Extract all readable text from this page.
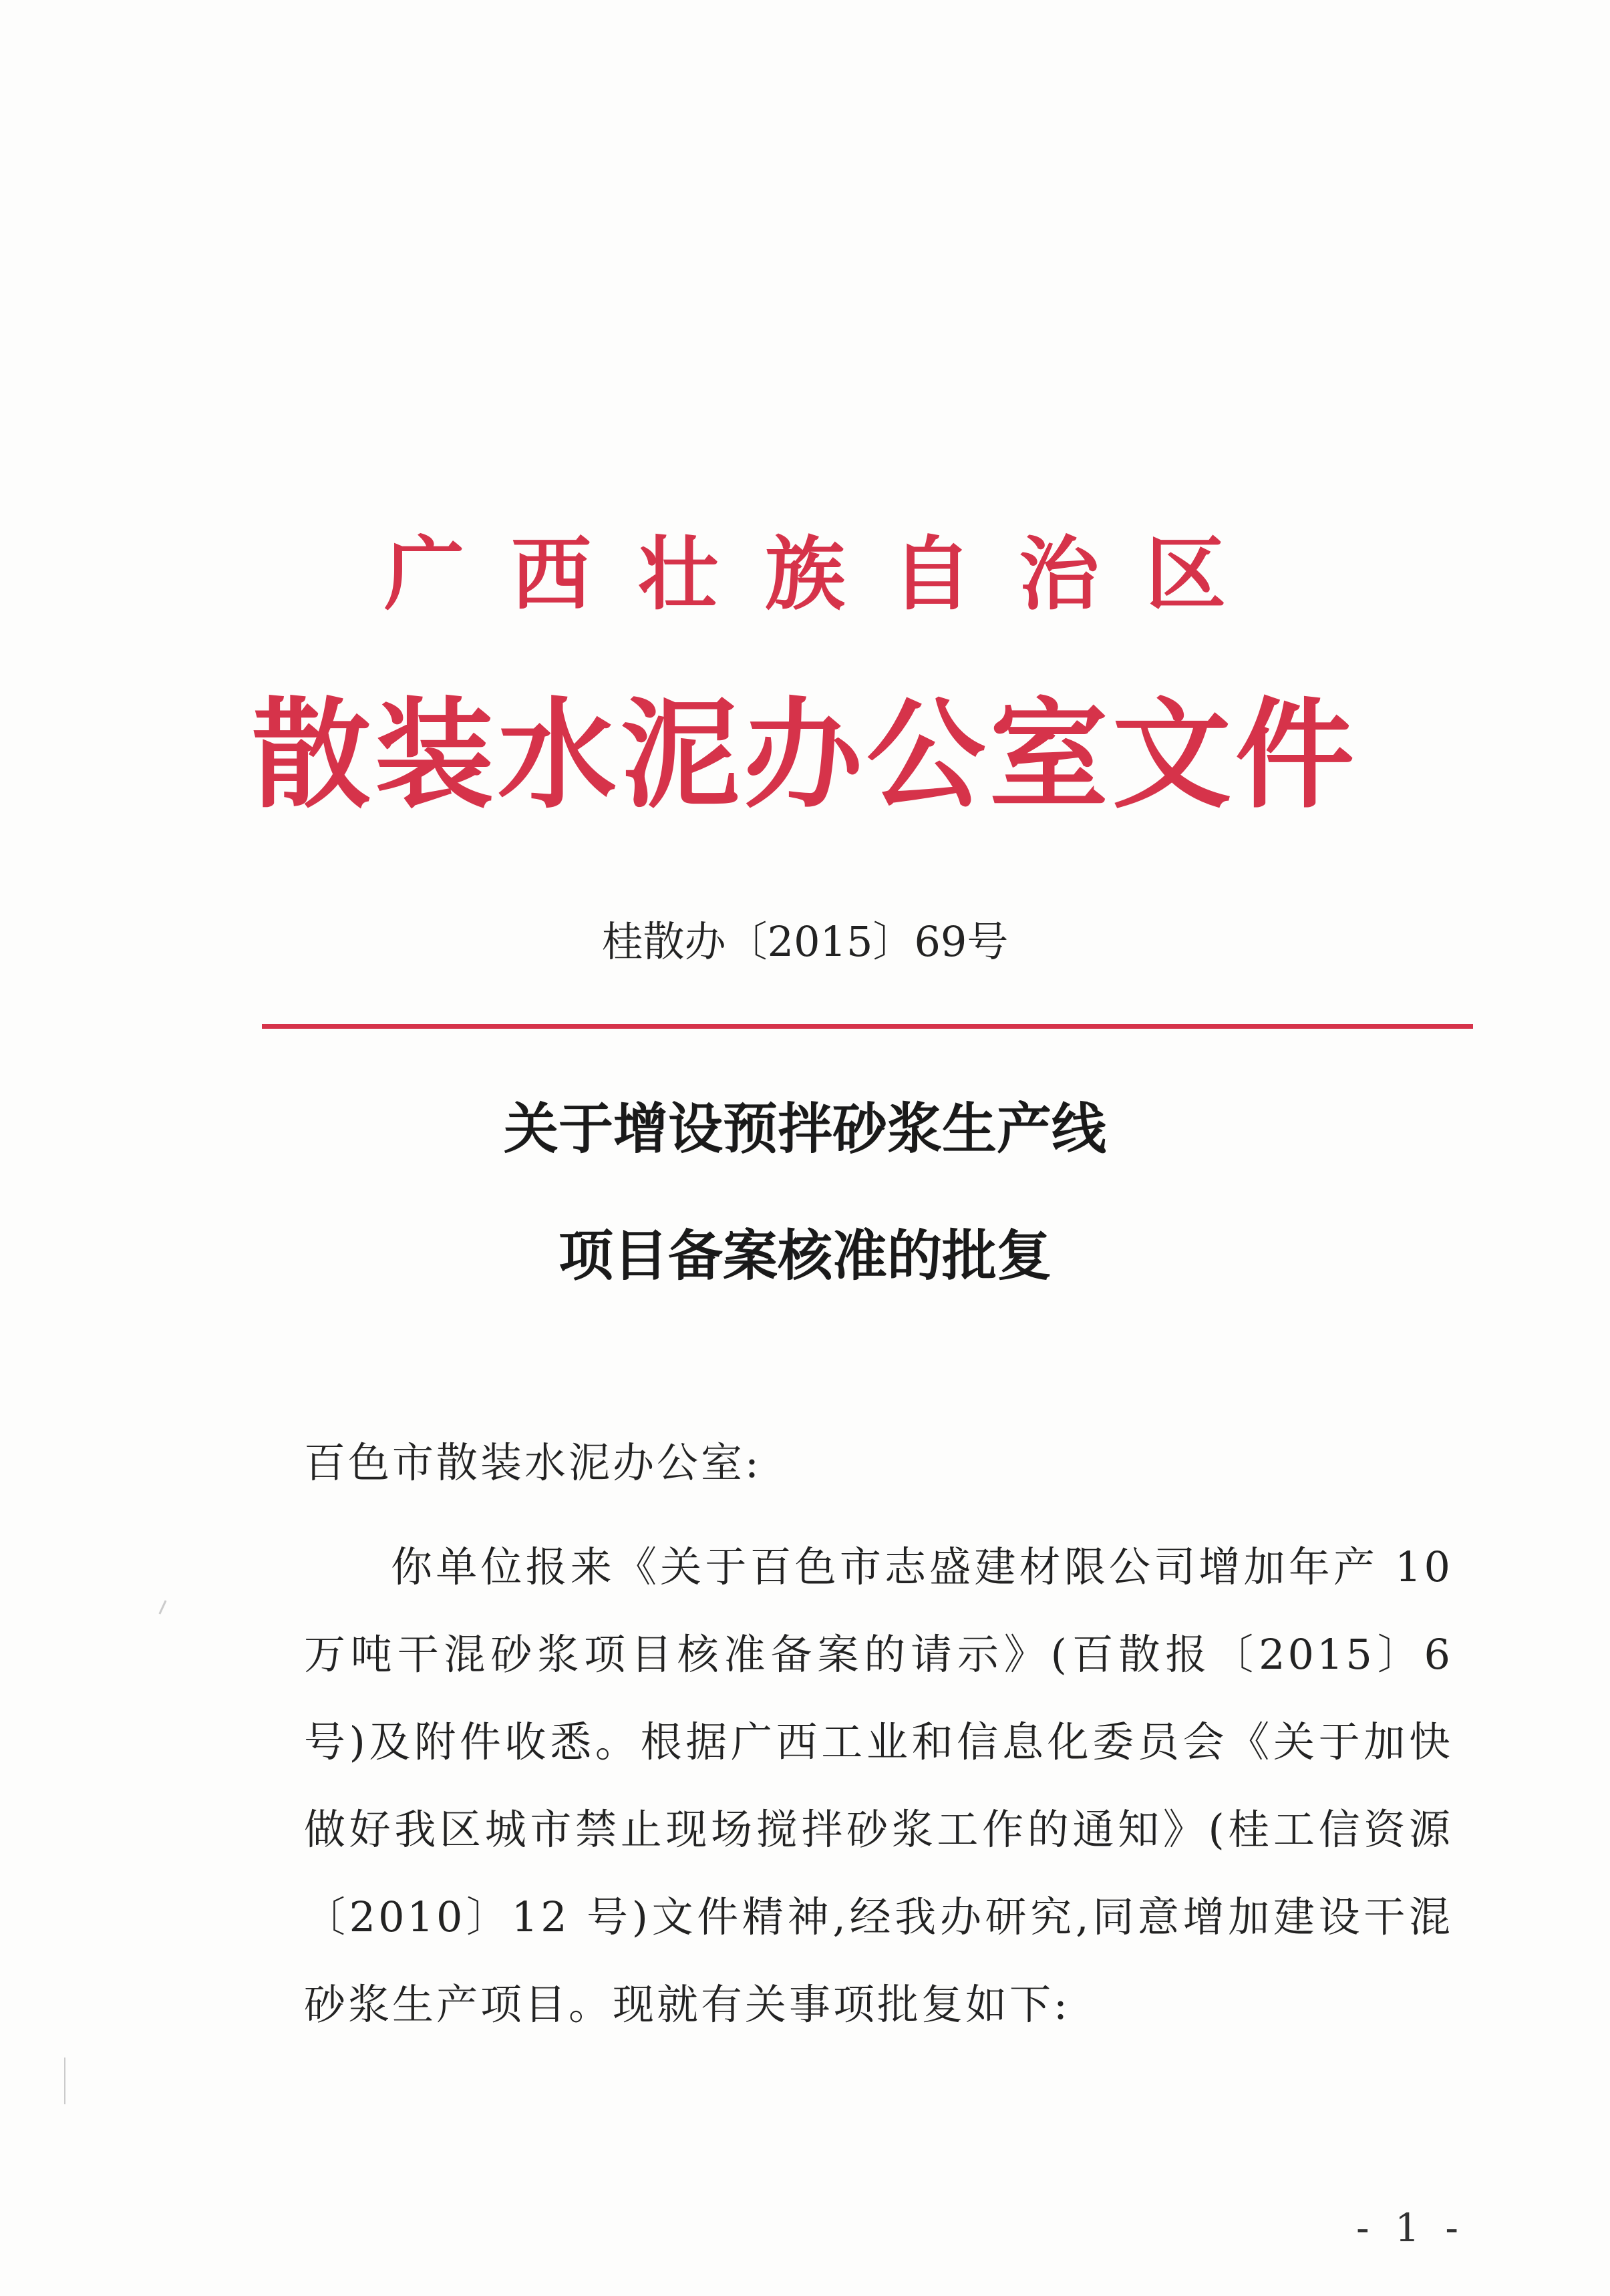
广西壮族自治区
散装水泥办公室文件
桂散办〔2015〕69号
关于增设预拌砂浆生产线
项目备案核准的批复
百色市散装水泥办公室:

你单位报来《关于百色市志盛建材限公司增加年产 10 万吨干混砂浆项目核准备案的请示》(百散报〔2015〕6 号)及附件收悉。根据广西工业和信息化委员会《关于加快做好我区城市禁止现场搅拌砂浆工作的通知》(桂工信资源〔2010〕12 号)文件精神,经我办研究,同意增加建设干混砂浆生产项目。现就有关事项批复如下:

- 1 -
